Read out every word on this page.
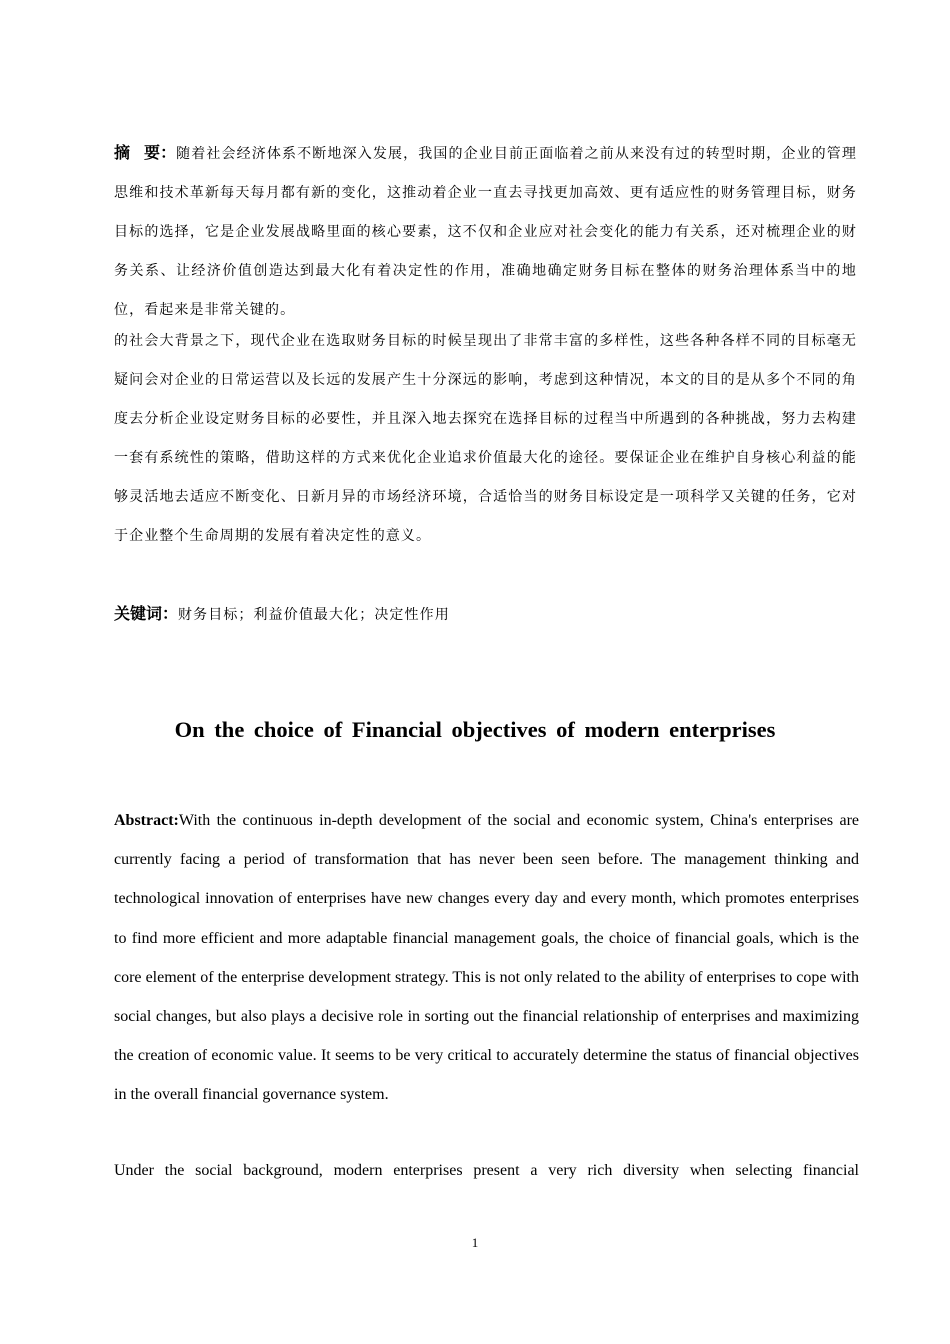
摘要：随着社会经济体系不断地深入发展，我国的企业目前正面临着之前从来没有过的转型时期，企业的管理思维和技术革新每天每月都有新的变化，这推动着企业一直去寻找更加高效、更有适应性的财务管理目标，财务目标的选择，它是企业发展战略里面的核心要素，这不仅和企业应对社会变化的能力有关系，还对梳理企业的财务关系、让经济价值创造达到最大化有着决定性的作用，准确地确定财务目标在整体的财务治理体系当中的地位，看起来是非常关键的。

的社会大背景之下，现代企业在选取财务目标的时候呈现出了非常丰富的多样性，这些各种各样不同的目标毫无疑问会对企业的日常运营以及长远的发展产生十分深远的影响，考虑到这种情况，本文的目的是从多个不同的角度去分析企业设定财务目标的必要性，并且深入地去探究在选择目标的过程当中所遇到的各种挑战，努力去构建一套有系统性的策略，借助这样的方式来优化企业追求价值最大化的途径。要保证企业在维护自身核心利益的能够灵活地去适应不断变化、日新月异的市场经济环境，合适恰当的财务目标设定是一项科学又关键的任务，它对于企业整个生命周期的发展有着决定性的意义。

关键词：财务目标；利益价值最大化；决定性作用

On the choice of Financial objectives of modern enterprises

Abstract:With the continuous in-depth development of the social and economic system, China's enterprises are currently facing a period of transformation that has never been seen before. The management thinking and technological innovation of enterprises have new changes every day and every month, which promotes enterprises to find more efficient and more adaptable financial management goals, the choice of financial goals, which is the core element of the enterprise development strategy. This is not only related to the ability of enterprises to cope with social changes, but also plays a decisive role in sorting out the financial relationship of enterprises and maximizing the creation of economic value. It seems to be very critical to accurately determine the status of financial objectives in the overall financial governance system.

Under the social background, modern enterprises present a very rich diversity when selecting financial

1
